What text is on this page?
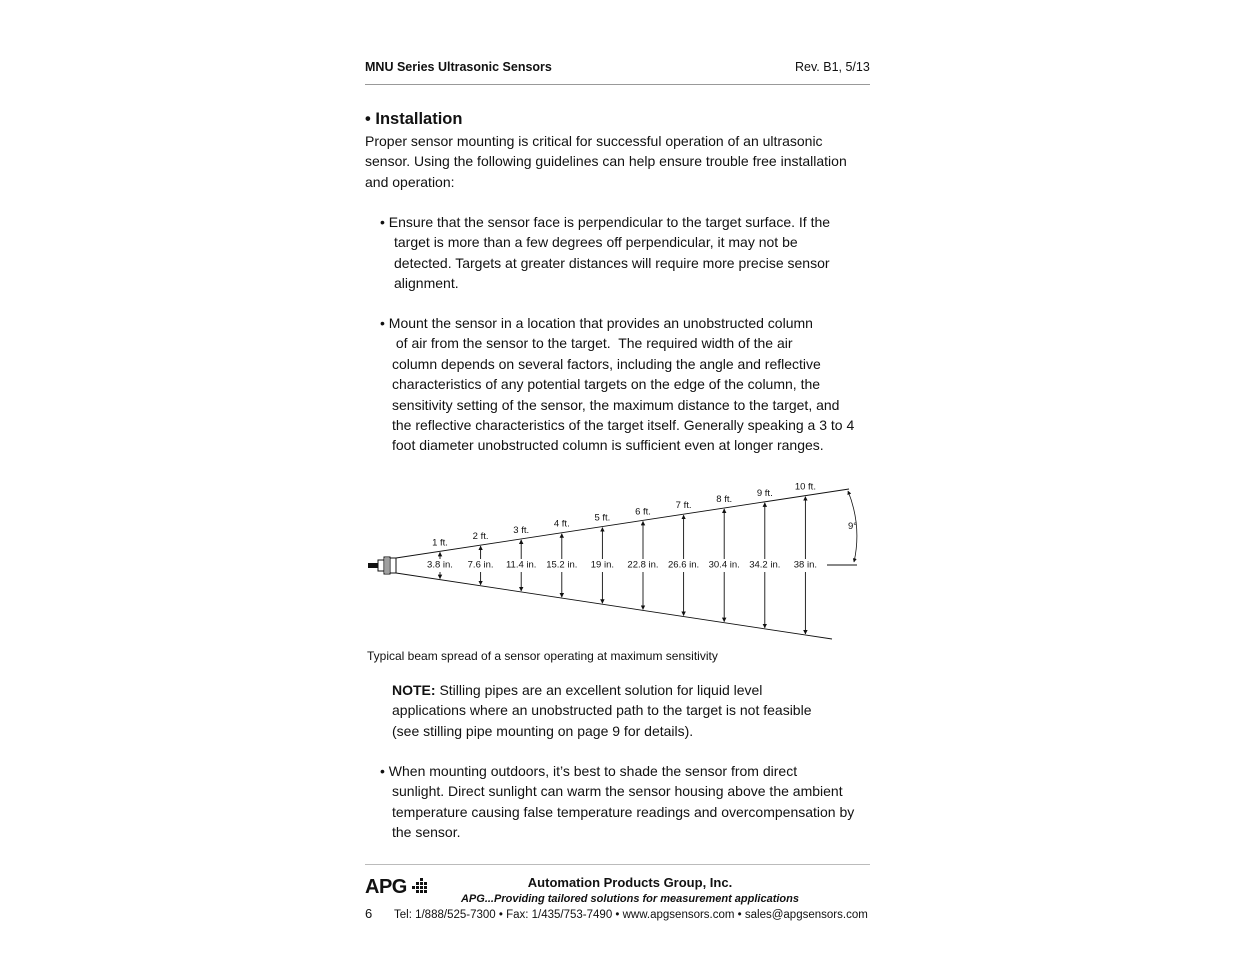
MNU Series Ultrasonic Sensors	Rev. B1, 5/13
• Installation
Proper sensor mounting is critical for successful operation of an ultrasonic
sensor. Using the following guidelines can help ensure trouble free installation
and operation:
• Ensure that the sensor face is perpendicular to the target surface. If the
target is more than a few degrees off perpendicular, it may not be
detected. Targets at greater distances will require more precise sensor
alignment.
• Mount the sensor in a location that provides an unobstructed column
of air from the sensor to the target.  The required width of the air
column depends on several factors, including the angle and reflective
characteristics of any potential targets on the edge of the column, the
sensitivity setting of the sensor, the maximum distance to the target, and
the reflective characteristics of the target itself. Generally speaking a 3 to 4
foot diameter unobstructed column is sufficient even at longer ranges.
9°
1 ft.
3.8 in.
2 ft.
7.6 in.
3 ft.
11.4 in.
4 ft.
15.2 in.
5 ft.
19 in.
6 ft.
22.8 in.
7 ft.
26.6 in.
8 ft.
30.4 in.
9 ft.
34.2 in.
10 ft.
38 in.
Typical beam spread of a sensor operating at maximum sensitivity
NOTE: Stilling pipes are an excellent solution for liquid level
applications where an unobstructed path to the target is not feasible
(see stilling pipe mounting on page 9 for details).
• When mounting outdoors, it’s best to shade the sensor from direct
sunlight. Direct sunlight can warm the sensor housing above the ambient
temperature causing false temperature readings and overcompensation by
the sensor.
APG	Automation Products Group, Inc.
APG...Providing tailored solutions for measurement applications
6 Tel: 1/888/525-7300 • Fax: 1/435/753-7490 • www.apgsensors.com • sales@apgsensors.com
